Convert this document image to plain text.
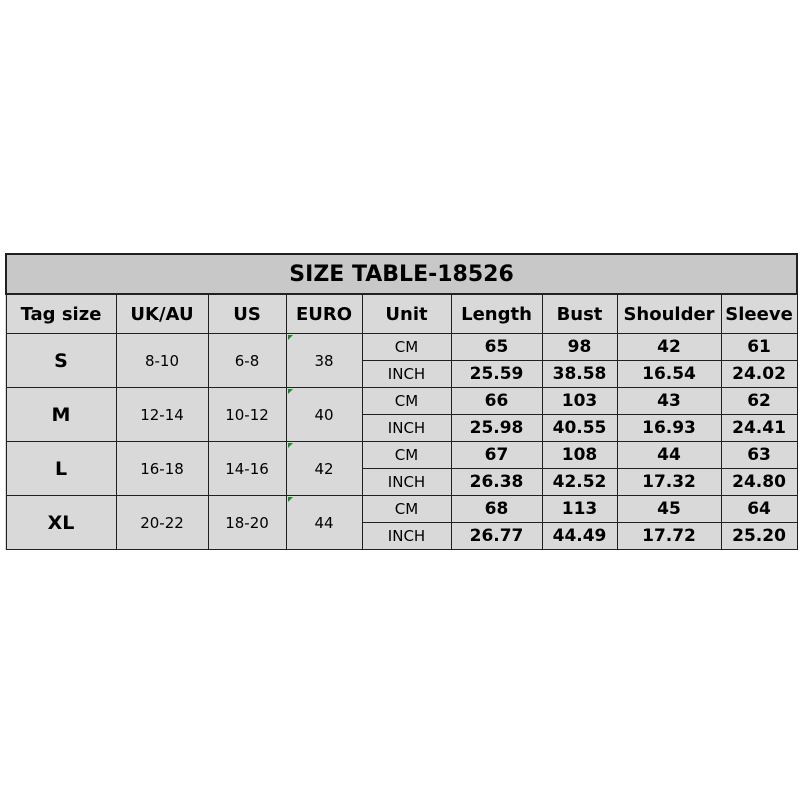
SIZE TABLE-18526								
Tag size	UK/AU	US	EURO	Unit	Length	Bust	Shoulder	Sleeve
S	8-10	6-8	38	CM	65	98	42	61
				INCH	25.59	38.58	16.54	24.02
M	12-14	10-12	40	CM	66	103	43	62
				INCH	25.98	40.55	16.93	24.41
L	16-18	14-16	42	CM	67	108	44	63
				INCH	26.38	42.52	17.32	24.80
XL	20-22	18-20	44	CM	68	113	45	64
				INCH	26.77	44.49	17.72	25.20
